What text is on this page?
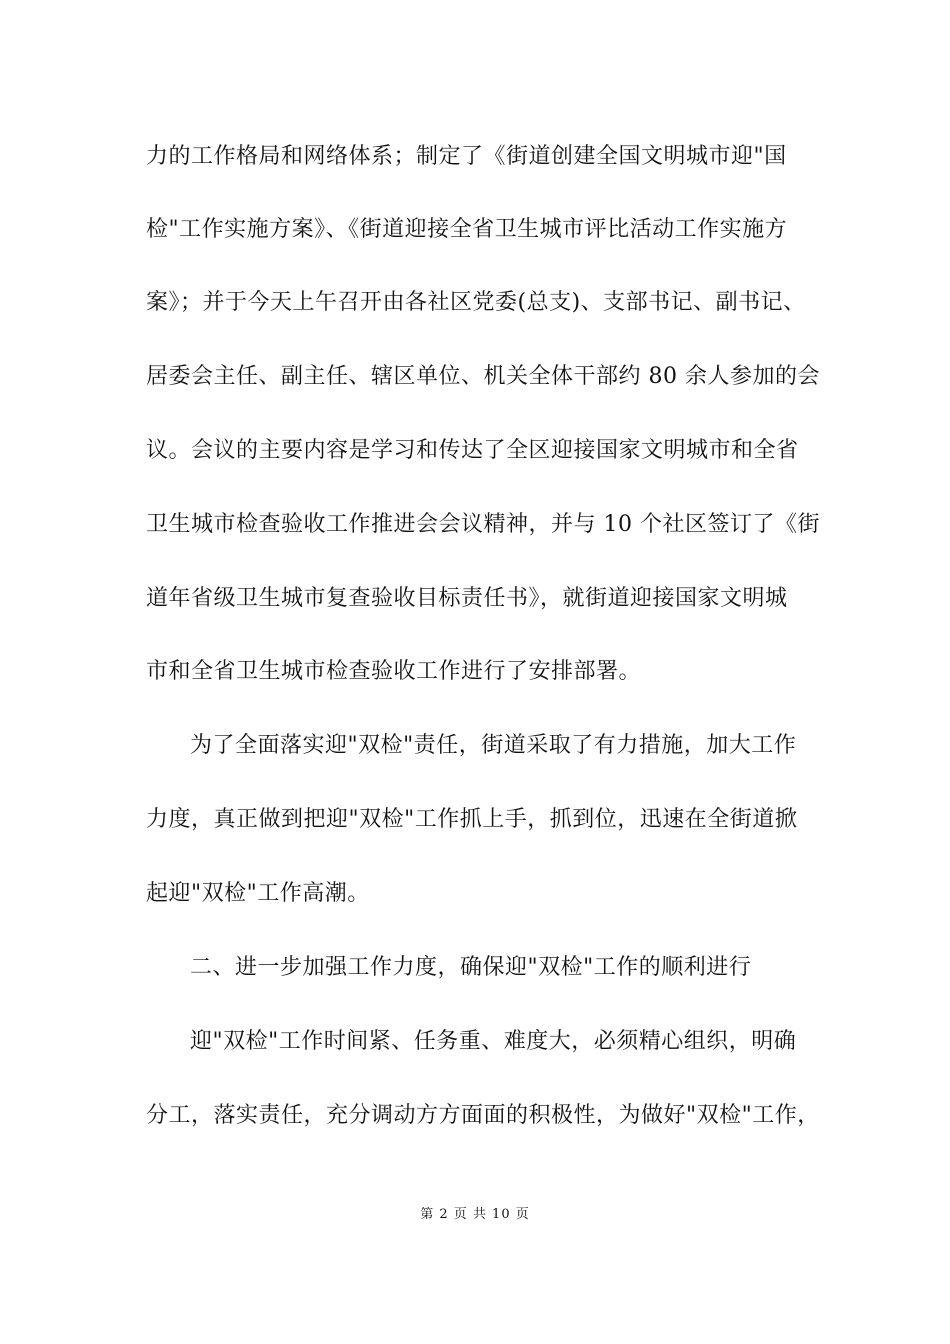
力的工作格局和网络体系；制定了《街道创建全国文明城市迎"国
检"工作实施方案》、《街道迎接全省卫生城市评比活动工作实施方
案》；并于今天上午召开由各社区党委(总支)、支部书记、副书记、
居委会主任、副主任、辖区单位、机关全体干部约 80 余人参加的会
议。会议的主要内容是学习和传达了全区迎接国家文明城市和全省
卫生城市检查验收工作推进会会议精神，并与 10 个社区签订了《街
道年省级卫生城市复查验收目标责任书》，就街道迎接国家文明城
市和全省卫生城市检查验收工作进行了安排部署。
为了全面落实迎"双检"责任，街道采取了有力措施，加大工作
力度，真正做到把迎"双检"工作抓上手，抓到位，迅速在全街道掀
起迎"双检"工作高潮。
二、进一步加强工作力度，确保迎"双检"工作的顺利进行
迎"双检"工作时间紧、任务重、难度大，必须精心组织，明确
分工，落实责任，充分调动方方面面的积极性，为做好"双检"工作，
第 2 页 共 10 页
